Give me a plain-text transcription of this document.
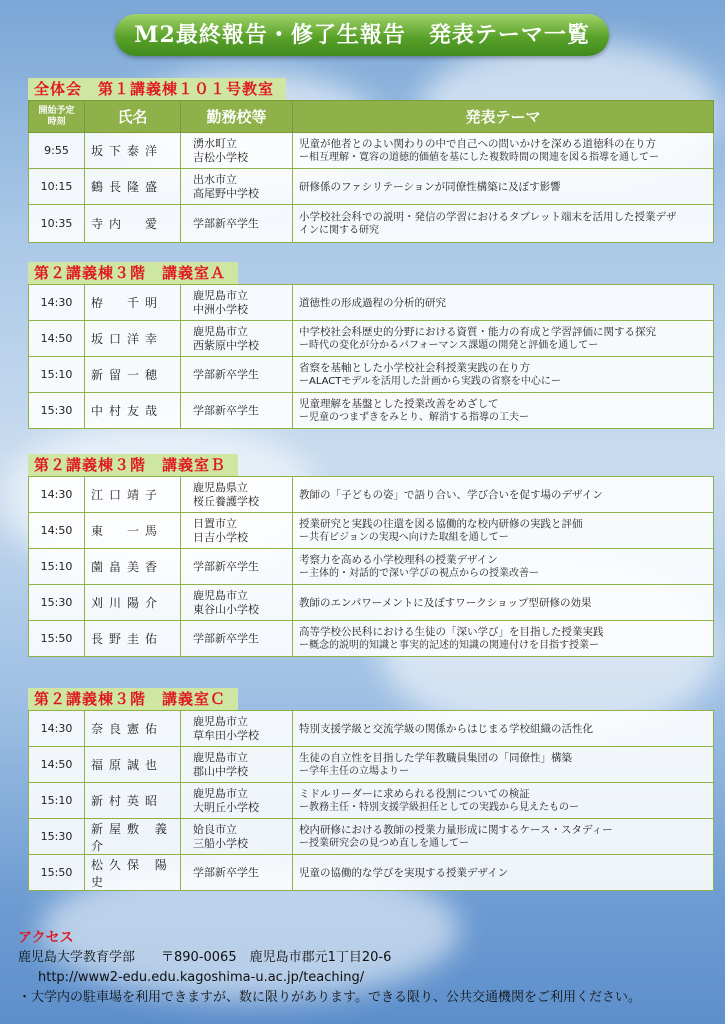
M2最終報告・修了生報告　発表テーマ一覧
全体会　第１講義棟１０１号教室
開始予定
時刻	氏名	勤務校等	発表テーマ
9:55	坂下泰洋	湧水町立
吉松小学校	児童が他者とのよい関わりの中で自己への問いかけを深める道徳科の在り方
ー相互理解・寛容の道徳的価値を基にした複数時間の関連を図る指導を通してー

10:15	鶴長隆盛	出水市立
高尾野中学校	研修係のファシリテーションが同僚性構築に及ぼす影響

10:35	寺内　愛	学部新卒学生	小学校社会科での説明・発信の学習におけるタブレット端末を活用した授業デザ
インに関する研究
第２講義棟３階　講義室Ａ
14:30	栫　千明	鹿児島市立
中洲小学校	道徳性の形成過程の分析的研究

14:50	坂口洋幸	鹿児島市立
西紫原中学校	中学校社会科歴史的分野における資質・能力の育成と学習評価に関する探究
ー時代の変化が分かるパフォーマンス課題の開発と評価を通してー

15:10	新留一穂	学部新卒学生	省察を基軸とした小学校社会科授業実践の在り方
ーALACTモデルを活用した計画から実践の省察を中心にー

15:30	中村友哉	学部新卒学生	児童理解を基盤とした授業改善をめざして
ー児童のつまずきをみとり、解消する指導の工夫ー
第２講義棟３階　講義室Ｂ
14:30	江口靖子	鹿児島県立
桜丘養護学校	教師の「子どもの姿」で語り合い、学び合いを促す場のデザイン

14:50	東　一馬	日置市立
日吉小学校	授業研究と実践の往還を図る協働的な校内研修の実践と評価
ー共有ビジョンの実現へ向けた取組を通してー

15:10	薗畠美香	学部新卒学生	考察力を高める小学校理科の授業デザイン
ー主体的・対話的で深い学びの視点からの授業改善ー

15:30	刈川陽介	鹿児島市立
東谷山小学校	教師のエンパワーメントに及ぼすワークショップ型研修の効果

15:50	長野圭佑	学部新卒学生	高等学校公民科における生徒の「深い学び」を目指した授業実践
ー概念的説明的知識と事実的記述的知識の関連付けを目指す授業ー
第２講義棟３階　講義室Ｃ
14:30	奈良憲佑	鹿児島市立
草牟田小学校	特別支援学級と交流学級の関係からはじまる学校組織の活性化

14:50	福原誠也	鹿児島市立
郡山中学校	生徒の自立性を目指した学年教職員集団の「同僚性」構築
ー学年主任の立場よりー

15:10	新村英昭	鹿児島市立
大明丘小学校	ミドルリーダーに求められる役割についての検証
ー教務主任・特別支援学級担任としての実践から見えたものー

15:30	新屋敷 義介	姶良市立
三船小学校	校内研修における教師の授業力量形成に関するケース・スタディー
ー授業研究会の見つめ直しを通してー

15:50	松久保 陽史	学部新卒学生	児童の協働的な学びを実現する授業デザイン
アクセス
鹿児島大学教育学部　　〒890-0065　鹿児島市郡元1丁目20-6
http://www2-edu.edu.kagoshima-u.ac.jp/teaching/
・大学内の駐車場を利用できますが、数に限りがあります。できる限り、公共交通機関をご利用ください。
